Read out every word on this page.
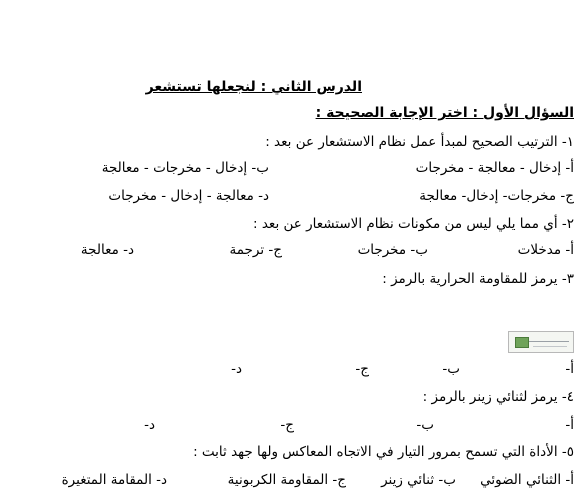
الدرس الثاني : لنجعلها تستشعر

السؤال الأول : اختر الإجابة الصحيحة :

١- الترتيب الصحيح لمبدأ عمل نظام الاستشعار عن بعد :

أ- إدخال - معالجة - مخرجات

ب- إدخال - مخرجات - معالجة

ج- مخرجات- إدخال- معالجة

د- معالجة - إدخال - مخرجات

٢- أي مما يلي ليس من مكونات نظام الاستشعار عن بعد :

أ- مدخلات

ب- مخرجات

ج- ترجمة

د- معالجة

٣- يرمز للمقاومة الحرارية بالرمز :

أ-

ب-

ج-

د-

٤- يرمز لثنائي زينر بالرمز :

أ-

ب-

ج-

د-

٥- الأداة التي تسمح بمرور التيار في الاتجاه المعاكس ولها جهد ثابت :

أ- الثنائي الضوئي

ب- ثنائي زينر

ج- المقاومة الكربونية

د- المقامة المتغيرة
